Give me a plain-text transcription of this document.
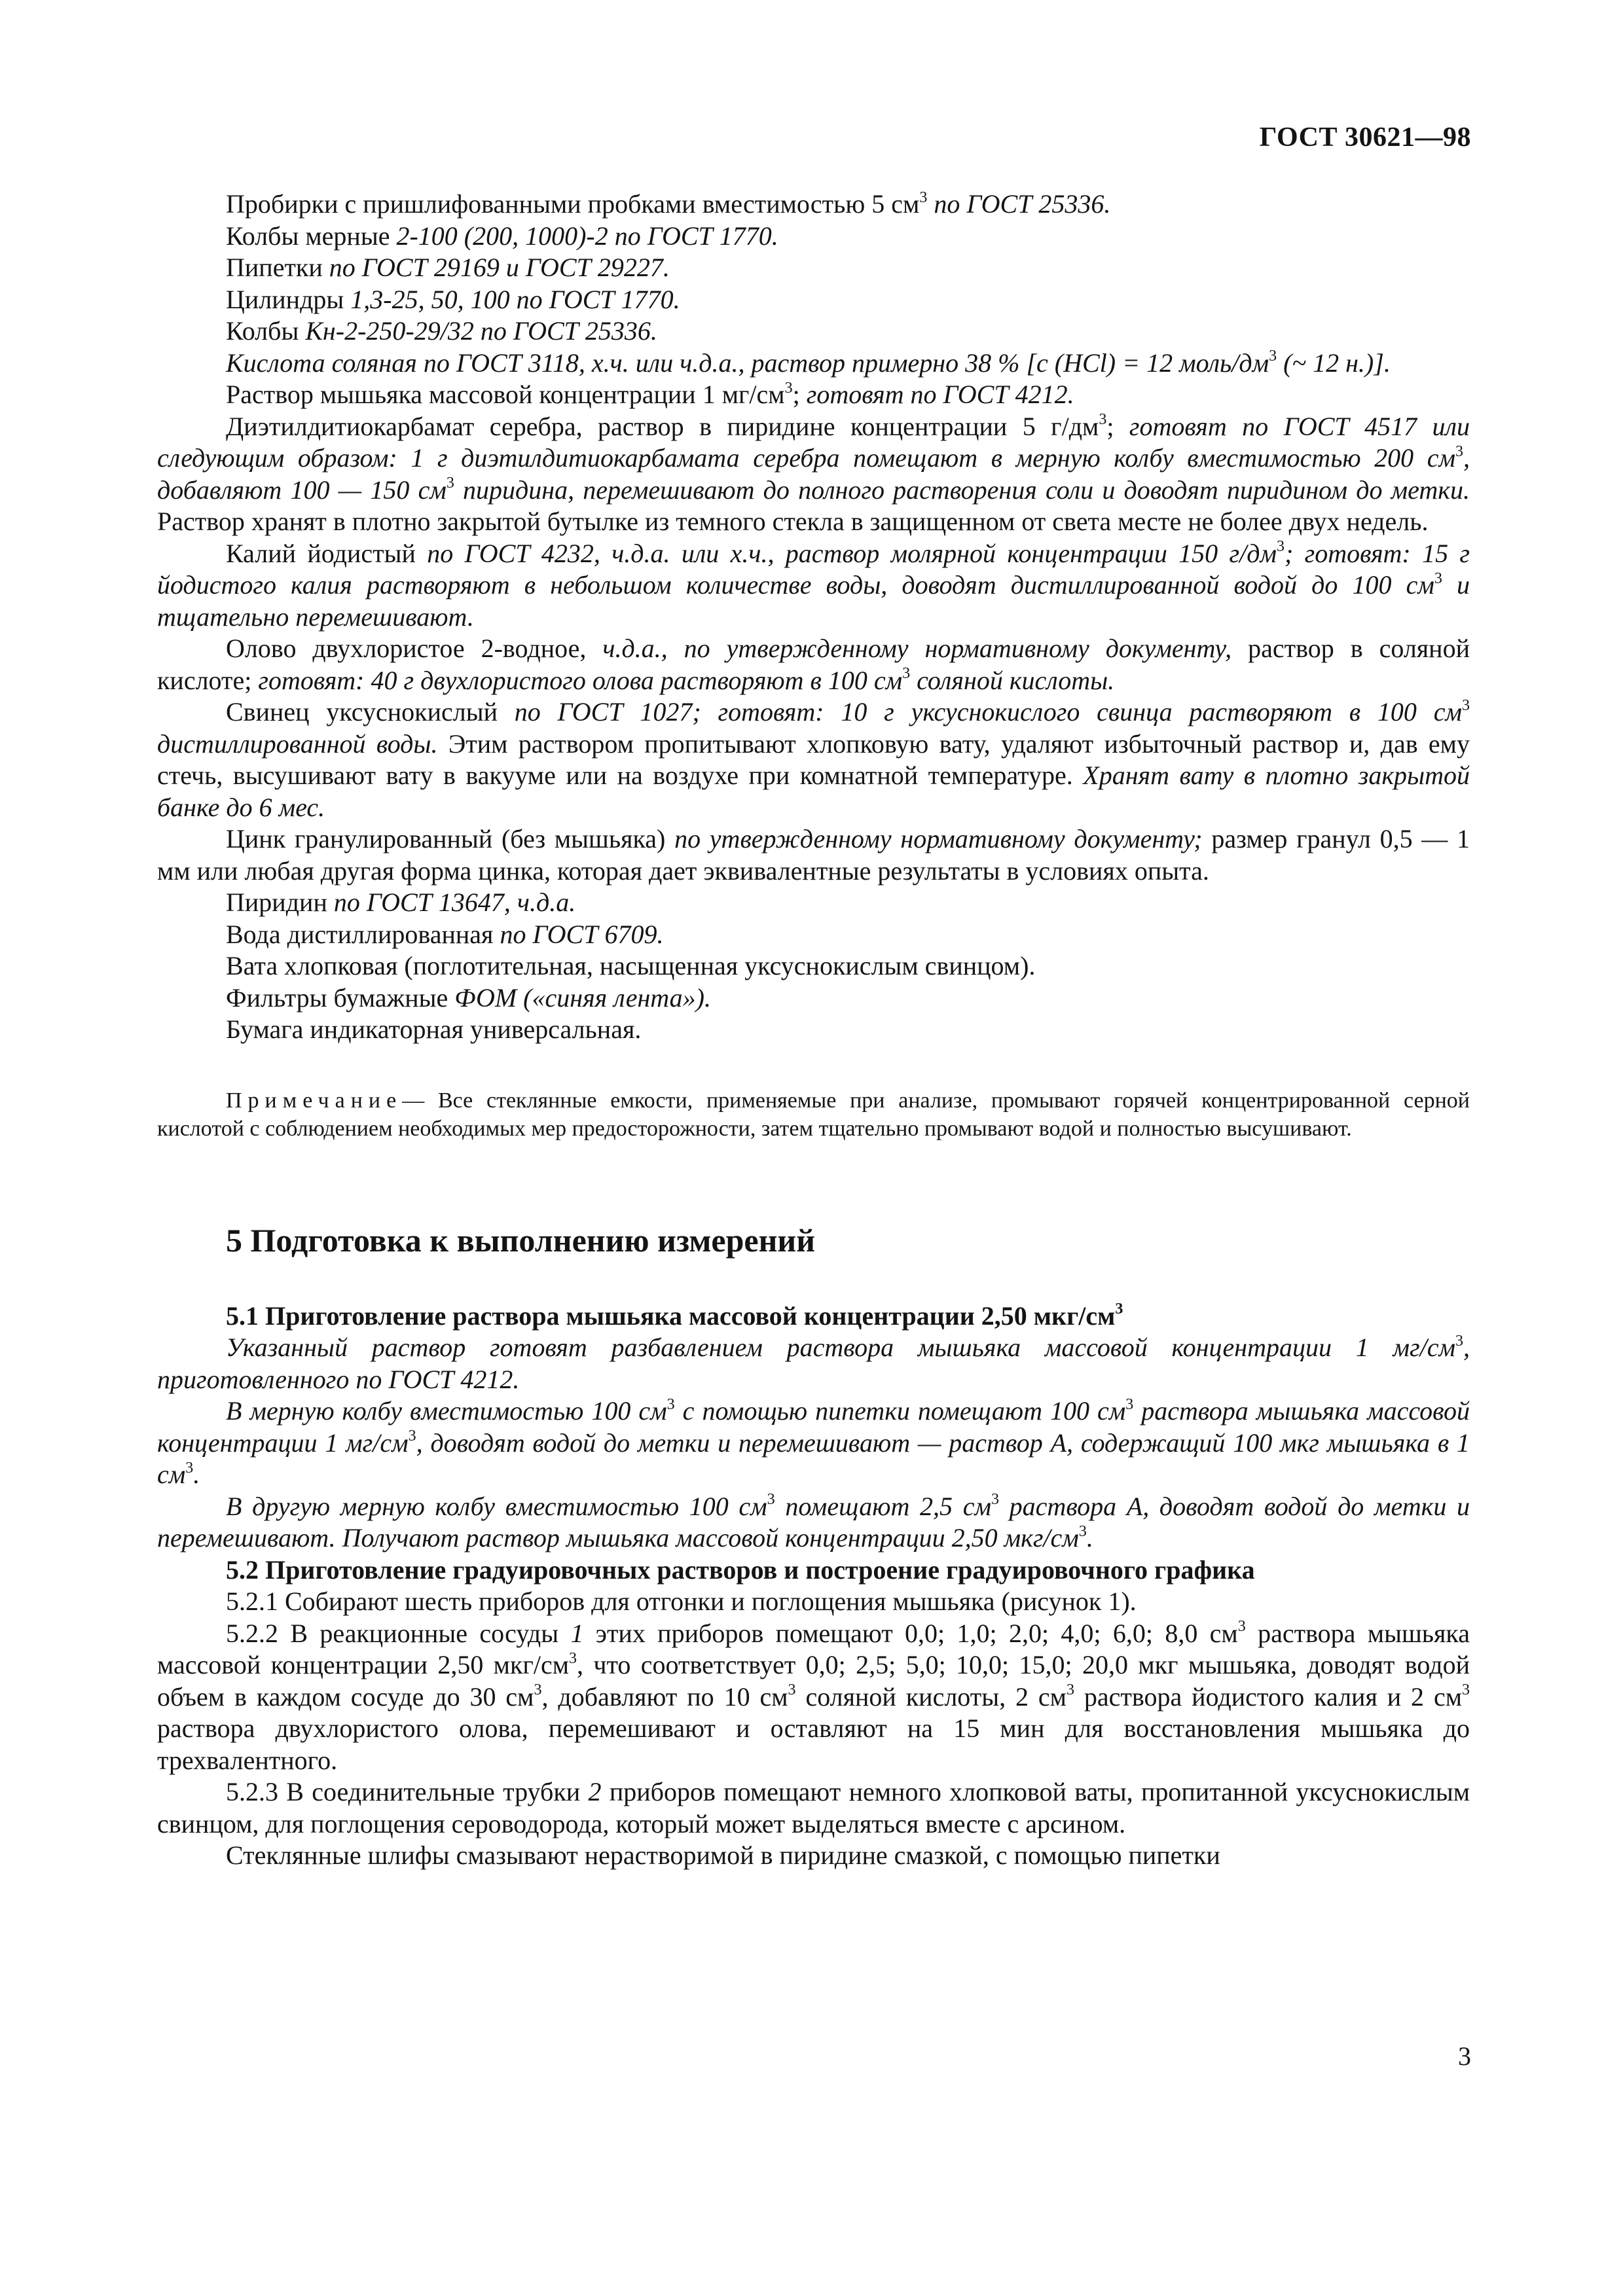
ГОСТ 30621—98

Пробирки с пришлифованными пробками вместимостью 5 $см^3$ по ГОСТ 25336.

Колбы мерные 2-100 (200, 1000)-2 по ГОСТ 1770.

Пипетки по ГОСТ 29169 и ГОСТ 29227.

Цилиндры 1,3-25, 50, 100 по ГОСТ 1770.

Колбы Кн-2-250-29/32 по ГОСТ 25336.

Кислота соляная по ГОСТ 3118, х.ч. или ч.д.а., раствор примерно 38 % [с (НСl) = 12 моль/$дм^3$ (~ 12 н.)].

Раствор мышьяка массовой концентрации 1 $мг/см^3$; готовят по ГОСТ 4212.

Диэтилдитиокарбамат серебра, раствор в пиридине концентрации 5 $г/дм^3$; готовят по ГОСТ 4517 или следующим образом: 1 г диэтилдитиокарбамата серебра помещают в мерную колбу вместимостью 200 $см^3$, добавляют 100 — 150 $см^3$ пиридина, перемешивают до полного растворения соли и доводят пиридином до метки. Раствор хранят в плотно закрытой бутылке из темного стекла в защищенном от света месте не более двух недель.

Калий йодистый по ГОСТ 4232, ч.д.а. или х.ч., раствор молярной концентрации 150 $г/дм^3$; готовят: 15 г йодистого калия растворяют в небольшом количестве воды, доводят дистиллированной водой до 100 $см^3$ и тщательно перемешивают.

Олово двухлористое 2-водное, ч.д.а., по утвержденному нормативному документу, раствор в соляной кислоте; готовят: 40 г двухлористого олова растворяют в 100 $см^3$ соляной кислоты.

Свинец уксуснокислый по ГОСТ 1027; готовят: 10 г уксуснокислого свинца растворяют в 100 $см^3$ дистиллированной воды. Этим раствором пропитывают хлопковую вату, удаляют избыточный раствор и, дав ему стечь, высушивают вату в вакууме или на воздухе при комнатной температуре. Хранят вату в плотно закрытой банке до 6 мес.

Цинк гранулированный (без мышьяка) по утвержденному нормативному документу; размер гранул 0,5 — 1 мм или любая другая форма цинка, которая дает эквивалентные результаты в условиях опыта.

Пиридин по ГОСТ 13647, ч.д.а.

Вода дистиллированная по ГОСТ 6709.

Вата хлопковая (поглотительная, насыщенная уксуснокислым свинцом).

Фильтры бумажные ФОМ («синяя лента»).

Бумага индикаторная универсальная.

Примечание— Все стеклянные емкости, применяемые при анализе, промывают горячей концентрированной серной кислотой с соблюдением необходимых мер предосторожности, затем тщательно промывают водой и полностью высушивают.
5 Подготовка к выполнению измерений
5.1 Приготовление раствора мышьяка массовой концентрации 2,50 мкг/$см^3$

Указанный раствор готовят разбавлением раствора мышьяка массовой концентрации 1 $мг/см^3$, приготовленного по ГОСТ 4212.

В мерную колбу вместимостью 100 $см^3$ с помощью пипетки помещают 100 $см^3$ раствора мышьяка массовой концентрации 1 $мг/см^3$, доводят водой до метки и перемешивают — раствор А, содержащий 100 мкг мышьяка в 1 $см^3$.

В другую мерную колбу вместимостью 100 $см^3$ помещают 2,5 $см^3$ раствора А, доводят водой до метки и перемешивают. Получают раствор мышьяка массовой концентрации 2,50 мкг/$см^3$.

5.2 Приготовление градуировочных растворов и построение градуировочного графика

5.2.1 Собирают шесть приборов для отгонки и поглощения мышьяка (рисунок 1).

5.2.2 В реакционные сосуды 1 этих приборов помещают 0,0; 1,0; 2,0; 4,0; 6,0; 8,0 $см^3$ раствора мышьяка массовой концентрации 2,50 мкг/$см^3$, что соответствует 0,0; 2,5; 5,0; 10,0; 15,0; 20,0 мкг мышьяка, доводят водой объем в каждом сосуде до 30 $см^3$, добавляют по 10 $см^3$ соляной кислоты, 2 $см^3$ раствора йодистого калия и 2 $см^3$ раствора двухлористого олова, перемешивают и оставляют на 15 мин для восстановления мышьяка до трехвалентного.

5.2.3 В соединительные трубки 2 приборов помещают немного хлопковой ваты, пропитанной уксуснокислым свинцом, для поглощения сероводорода, который может выделяться вместе с арсином.

Стеклянные шлифы смазывают нерастворимой в пиридине смазкой, с помощью пипетки

3
